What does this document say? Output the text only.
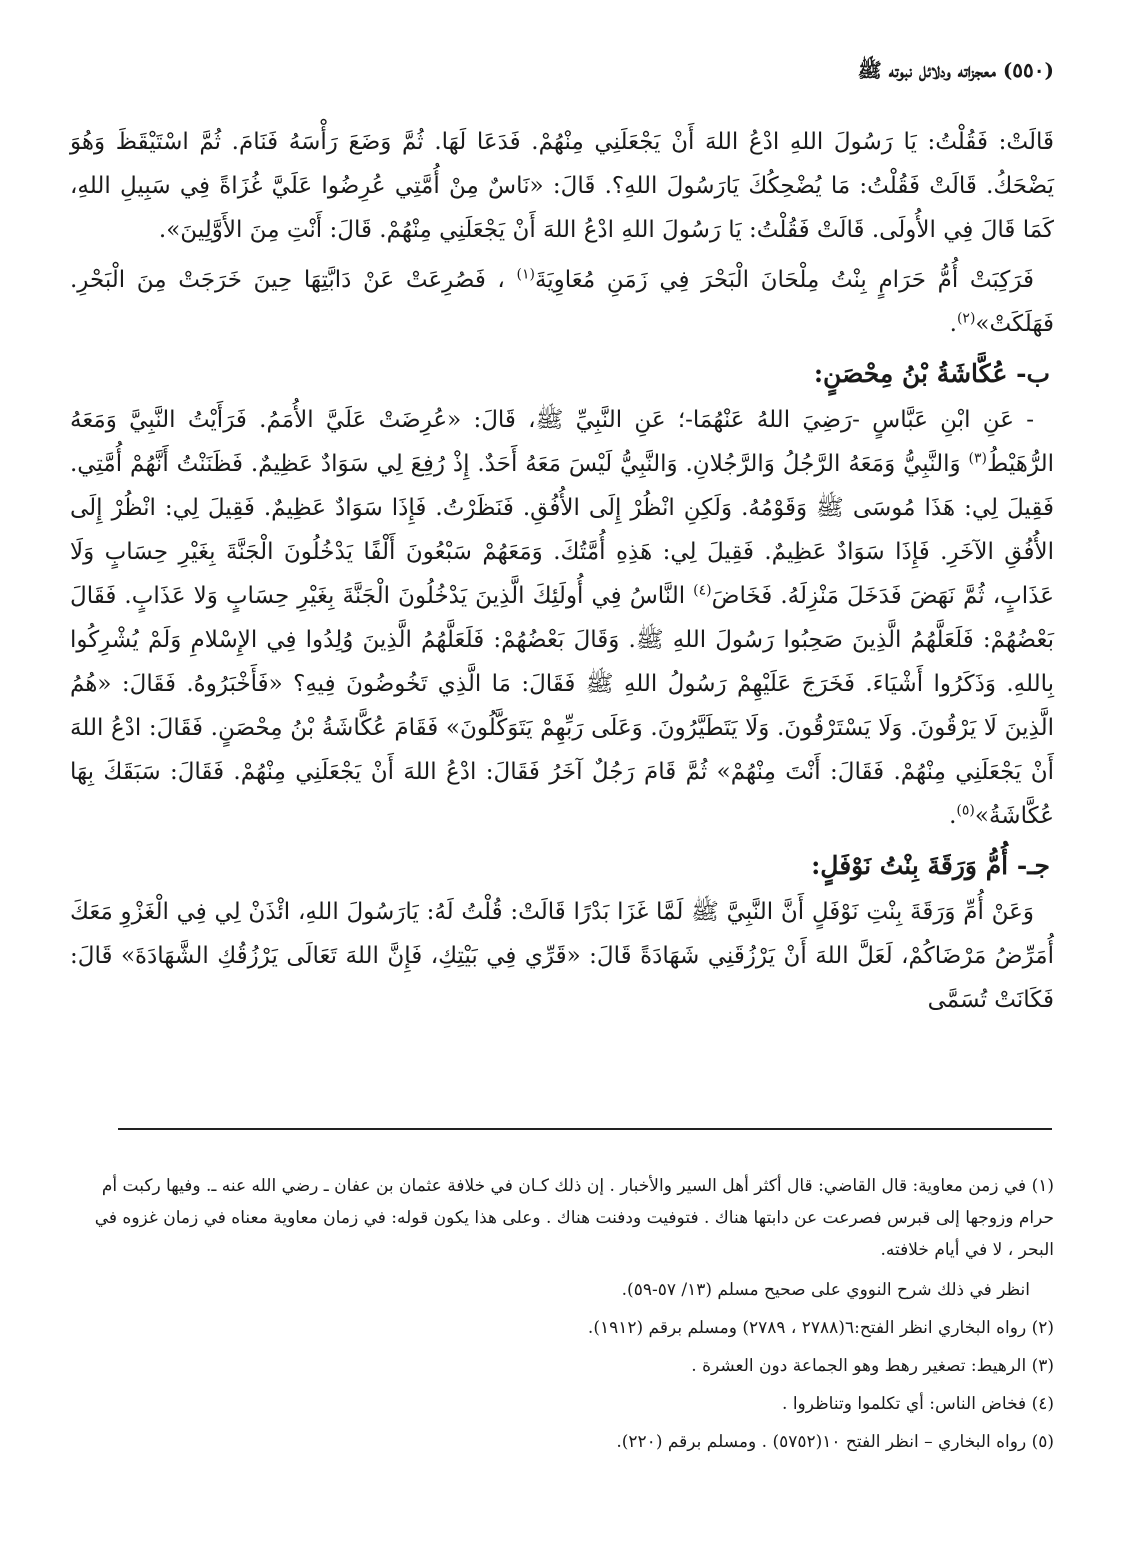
(٥٥٠) معجزاته ودلائل نبوته ﷺ

قَالَتْ: فَقُلْتُ: يَا رَسُولَ اللهِ ادْعُ اللهَ أَنْ يَجْعَلَنِي مِنْهُمْ. فَدَعَا لَهَا. ثُمَّ وَضَعَ رَأْسَهُ فَنَامَ. ثُمَّ اسْتَيْقَظَ وَهُوَ يَضْحَكُ. قَالَتْ فَقُلْتُ: مَا يُضْحِكُكَ يَارَسُولَ اللهِ؟. قَالَ: «نَاسٌ مِنْ أُمَّتِي عُرِضُوا عَلَيَّ غُزَاةً فِي سَبِيلِ اللهِ، كَمَا قَالَ فِي الأُولَى. قَالَتْ فَقُلْتُ: يَا رَسُولَ اللهِ ادْعُ اللهَ أَنْ يَجْعَلَنِي مِنْهُمْ. قَالَ: أَنْتِ مِنَ الأَوَّلِينَ».

فَرَكِبَتْ أُمُّ حَرَامٍ بِنْتُ مِلْحَانَ الْبَحْرَ فِي زَمَنِ مُعَاوِيَةَ$^{(١)}$ ، فَصُرِعَتْ عَنْ دَابَّتِهَا حِينَ خَرَجَتْ مِنَ الْبَحْرِ. فَهَلَكَتْ»$^{(٢)}$.

ب- عُكَّاشَةُ بْنُ مِحْصَنٍ:

- عَنِ ابْنِ عَبَّاسٍ -رَضِيَ اللهُ عَنْهُمَا-؛ عَنِ النَّبِيِّ ﷺ، قَالَ: «عُرِضَتْ عَلَيَّ الأُمَمُ. فَرَأَيْتُ النَّبِيَّ وَمَعَهُ الرُّهَيْطُ$^{(٣)}$ وَالنَّبِيُّ وَمَعَهُ الرَّجُلُ وَالرَّجُلانِ. وَالنَّبِيُّ لَيْسَ مَعَهُ أَحَدٌ. إِذْ رُفِعَ لِي سَوَادٌ عَظِيمٌ. فَظَنَنْتُ أَنَّهُمْ أُمَّتِي. فَقِيلَ لِي: هَذَا مُوسَى ﷺ وَقَوْمُهُ. وَلَكِنِ انْظُرْ إِلَى الأُفُقِ. فَنَظَرْتُ. فَإِذَا سَوَادٌ عَظِيمٌ. فَقِيلَ لِي: انْظُرْ إِلَى الأُفُقِ الآخَرِ. فَإِذَا سَوَادٌ عَظِيمٌ. فَقِيلَ لِي: هَذِهِ أُمَّتُكَ. وَمَعَهُمْ سَبْعُونَ أَلْفًا يَدْخُلُونَ الْجَنَّةَ بِغَيْرِ حِسَابٍ وَلَا عَذَابٍ، ثُمَّ نَهَضَ فَدَخَلَ مَنْزِلَهُ. فَخَاضَ$^{(٤)}$ النَّاسُ فِي أُولَئِكَ الَّذِينَ يَدْخُلُونَ الْجَنَّةَ بِغَيْرِ حِسَابٍ وَلا عَذَابٍ. فَقَالَ بَعْضُهُمْ: فَلَعَلَّهُمُ الَّذِينَ صَحِبُوا رَسُولَ اللهِ ﷺ. وَقَالَ بَعْضُهُمْ: فَلَعَلَّهُمُ الَّذِينَ وُلِدُوا فِي الإِسْلامِ وَلَمْ يُشْرِكُوا بِاللهِ. وَذَكَرُوا أَشْيَاءَ. فَخَرَجَ عَلَيْهِمْ رَسُولُ اللهِ ﷺ فَقَالَ: مَا الَّذِي تَخُوضُونَ فِيهِ؟ «فَأَخْبَرُوهُ. فَقَالَ: «هُمُ الَّذِينَ لَا يَرْقُونَ. وَلَا يَسْتَرْقُونَ. وَلَا يَتَطَيَّرُونَ. وَعَلَى رَبِّهِمْ يَتَوَكَّلُونَ» فَقَامَ عُكَّاشَةُ بْنُ مِحْصَنٍ. فَقَالَ: ادْعُ اللهَ أَنْ يَجْعَلَنِي مِنْهُمْ. فَقَالَ: أَنْتَ مِنْهُمْ» ثُمَّ قَامَ رَجُلٌ آخَرُ فَقَالَ: ادْعُ اللهَ أَنْ يَجْعَلَنِي مِنْهُمْ. فَقَالَ: سَبَقَكَ بِهَا عُكَّاشَةُ»$^{(٥)}$.

جـ- أُمُّ وَرَقَةَ بِنْتُ نَوْفَلٍ:

وَعَنْ أُمِّ وَرَقَةَ بِنْتِ نَوْفَلٍ أَنَّ النَّبِيَّ ﷺ لَمَّا غَزَا بَدْرًا قَالَتْ: قُلْتُ لَهُ: يَارَسُولَ اللهِ، ائْذَنْ لِي فِي الْغَزْوِ مَعَكَ أُمَرِّضُ مَرْضَاكُمْ، لَعَلَّ اللهَ أَنْ يَرْزُقَنِي شَهَادَةً قَالَ: «قَرِّي فِي بَيْتِكِ، فَإِنَّ اللهَ تَعَالَى يَرْزُقُكِ الشَّهَادَةَ» قَالَ: فَكَانَتْ تُسَمَّى

(١) في زمن معاوية: قال القاضي: قال أكثر أهل السير والأخبار . إن ذلك كـان في خلافة عثمان بن عفان ـ رضي الله عنه ـ. وفيها ركبت أم حرام وزوجها إلى قبرس فصرعت عن دابتها هناك . فتوفيت ودفنت هناك . وعلى هذا يكون قوله: في زمان معاوية معناه في زمان غزوه في البحر ، لا في أيام خلافته.

انظر في ذلك شرح النووي على صحيح مسلم (١٣/ ٥٧-٥٩).

(٢) رواه البخاري انظر الفتح:٦(٢٧٨٨ ، ٢٧٨٩) ومسلم برقم (١٩١٢).

(٣) الرهيط: تصغير رهط وهو الجماعة دون العشرة .

(٤) فخاض الناس: أي تكلموا وتناظروا .

(٥) رواه البخاري – انظر الفتح ١٠(٥٧٥٢) . ومسلم برقم (٢٢٠).
